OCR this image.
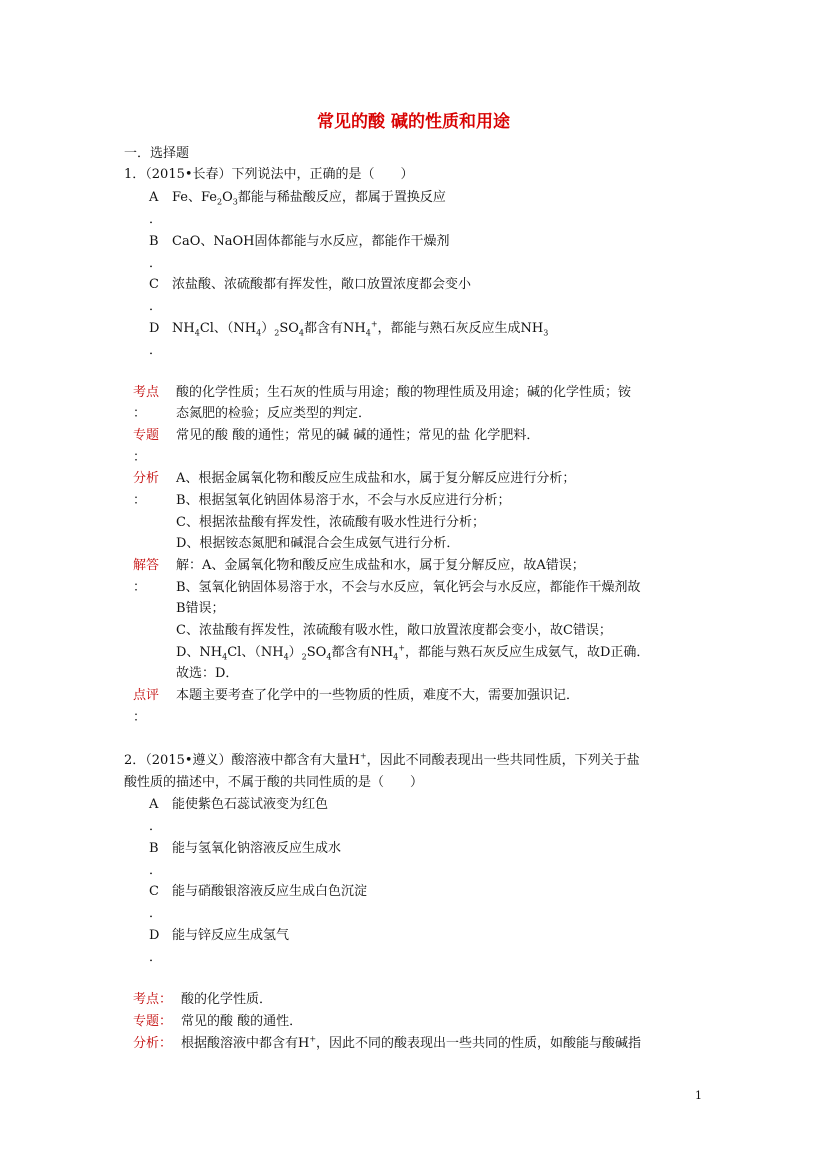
常见的酸 碱的性质和用途
一．选择题
1．（2015•长春）下列说法中，正确的是（　　）
A Fe、$Fe_2O_3$都能与稀盐酸反应，都属于置换反应
．
B CaO、NaOH固体都能与水反应，都能作干燥剂
．
C 浓盐酸、浓硫酸都有挥发性，敞口放置浓度都会变小
．
D $NH_4Cl$、$(NH_4)_2SO_4$都含有$NH_4^+$，都能与熟石灰反应生成$NH_3$
．
考点 酸的化学性质；生石灰的性质与用途；酸的物理性质及用途；碱的化学性质；铵
： 态氮肥的检验；反应类型的判定．
专题 常见的酸 酸的通性；常见的碱 碱的通性；常见的盐 化学肥料．
：
分析 A、根据金属氧化物和酸反应生成盐和水，属于复分解反应进行分析；
： B、根据氢氧化钠固体易溶于水，不会与水反应进行分析；
C、根据浓盐酸有挥发性，浓硫酸有吸水性进行分析；
D、根据铵态氮肥和碱混合会生成氨气进行分析．
解答 解：A、金属氧化物和酸反应生成盐和水，属于复分解反应，故A错误；
： B、氢氧化钠固体易溶于水，不会与水反应，氧化钙会与水反应，都能作干燥剂故
B错误；
C、浓盐酸有挥发性，浓硫酸有吸水性，敞口放置浓度都会变小，故C错误；
D、$NH_4Cl$、$(NH_4)_2SO_4$都含有$NH_4^+$，都能与熟石灰反应生成氨气，故D正确．
故选：D．
点评 本题主要考查了化学中的一些物质的性质，难度不大，需要加强识记．
：
2．（2015•遵义）酸溶液中都含有大量H+，因此不同酸表现出一些共同性质，下列关于盐
酸性质的描述中，不属于酸的共同性质的是（　　）
A 能使紫色石蕊试液变为红色
．
B 能与氢氧化钠溶液反应生成水
．
C 能与硝酸银溶液反应生成白色沉淀
．
D 能与锌反应生成氢气
．
考点： 酸的化学性质．
专题： 常见的酸 酸的通性．
分析： 根据酸溶液中都含有H+，因此不同的酸表现出一些共同的性质，如酸能与酸碱指
1
